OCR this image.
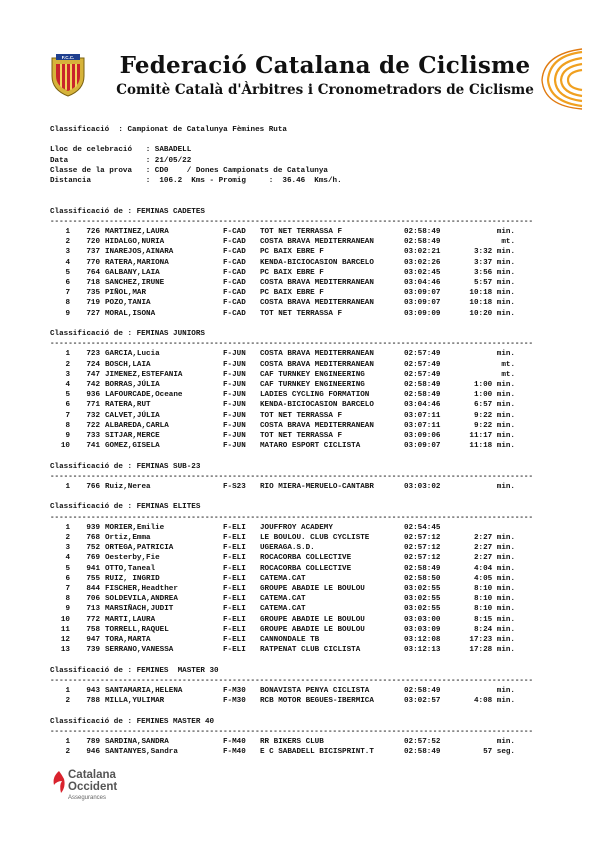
F.C.C.	Federació Catalana de Ciclisme
Comitè Català d'Àrbitres i Cronometradors de Ciclisme
Classificació  : Campionat de Catalunya Fèmines Ruta
Lloc de celebració   : SABADELL
Data                 : 21/05/22
Classe de la prova   : CD0    / Dones Campionats de Catalunya
Distancia            :  106.2  Kms - Promig     :  36.46  Kms/h.
Classificació de : FEMINAS CADETES
----------------------------------------------------------------------------------------------------------
1	726 MARTINEZ,LAURA	F-CAD	TOT NET TERRASSA F	02:58:49	min.
2	720 HIDALGO,NURIA	F-CAD	COSTA BRAVA MEDITERRANEAN	02:58:49	mt.
3	737 INAREJOS,AINARA	F-CAD	PC BAIX EBRE F	03:02:21	3:32 min.
4	770 RATERA,MARIONA	F-CAD	KENDA-BICIOCASION BARCELO	03:02:26	3:37 min.
5	764 GALBANY,LAIA	F-CAD	PC BAIX EBRE F	03:02:45	3:56 min.
6	718 SANCHEZ,IRUNE	F-CAD	COSTA BRAVA MEDITERRANEAN	03:04:46	5:57 min.
7	735 PIÑOL,MAR	F-CAD	PC BAIX EBRE F	03:09:07	10:18 min.
8	719 POZO,TANIA	F-CAD	COSTA BRAVA MEDITERRANEAN	03:09:07	10:18 min.
9	727 MORAL,ISONA	F-CAD	TOT NET TERRASSA F	03:09:09	10:20 min.
Classificació de : FEMINAS JUNIORS
----------------------------------------------------------------------------------------------------------
1	723 GARCIA,Lucia	F-JUN	COSTA BRAVA MEDITERRANEAN	02:57:49	min.
2	724 BOSCH,LAIA	F-JUN	COSTA BRAVA MEDITERRANEAN	02:57:49	mt.
3	747 JIMENEZ,ESTEFANIA	F-JUN	CAF TURNKEY ENGINEERING	02:57:49	mt.
4	742 BORRAS,JÚLIA	F-JUN	CAF TURNKEY ENGINEERING	02:58:49	1:00 min.
5	936 LAFOURCADE,Oceane	F-JUN	LADIES CYCLING FORMATION	02:58:49	1:00 min.
6	771 RATERA,RUT	F-JUN	KENDA-BICIOCASION BARCELO	03:04:46	6:57 min.
7	732 CALVET,JÚLIA	F-JUN	TOT NET TERRASSA F	03:07:11	9:22 min.
8	722 ALBAREDA,CARLA	F-JUN	COSTA BRAVA MEDITERRANEAN	03:07:11	9:22 min.
9	733 SITJAR,MERCE	F-JUN	TOT NET TERRASSA F	03:09:06	11:17 min.
10	741 GOMEZ,GISELA	F-JUN	MATARO ESPORT CICLISTA	03:09:07	11:18 min.
Classificació de : FEMINAS SUB-23
----------------------------------------------------------------------------------------------------------
1	766 Ruiz,Nerea	F-S23	RIO MIERA-MERUELO-CANTABR	03:03:02	min.
Classificació de : FEMINAS ELITES
----------------------------------------------------------------------------------------------------------
1	939 MORIER,Emilie	F-ELI	JOUFFROY ACADEMY	02:54:45
2	768 Ortiz,Emma	F-ELI	LE BOULOU. CLUB CYCLISTE	02:57:12	2:27 min.
3	752 ORTEGA,PATRICIA	F-ELI	UGERAGA.S.D.	02:57:12	2:27 min.
4	769 Oesterby,Fie	F-ELI	ROCACORBA COLLECTIVE	02:57:12	2:27 min.
5	941 OTTO,Taneal	F-ELI	ROCACORBA COLLECTIVE	02:58:49	4:04 min.
6	755 RUIZ, INGRID	F-ELI	CATEMA.CAT	02:58:50	4:05 min.
7	844 FISCHER,Headther	F-ELI	GROUPE ABADIE LE BOULOU	03:02:55	8:10 min.
8	706 SOLDEVILA,ANDREA	F-ELI	CATEMA.CAT	03:02:55	8:10 min.
9	713 MARSIÑACH,JUDIT	F-ELI	CATEMA.CAT	03:02:55	8:10 min.
10	772 MARTI,LAURA	F-ELI	GROUPE ABADIE LE BOULOU	03:03:00	8:15 min.
11	758 TORRELL,RAQUEL	F-ELI	GROUPE ABADIE LE BOULOU	03:03:09	8:24 min.
12	947 TORA,MARTA	F-ELI	CANNONDALE TB	03:12:08	17:23 min.
13	739 SERRANO,VANESSA	F-ELI	RATPENAT CLUB CICLISTA	03:12:13	17:28 min.
Classificació de : FEMINES  MASTER 30
----------------------------------------------------------------------------------------------------------
1	943 SANTAMARIA,HELENA	F-M30	BONAVISTA PENYA CICLISTA	02:58:49	min.
2	788 MILLA,YULIMAR	F-M30	RCB MOTOR BEGUES-IBERMICA	03:02:57	4:08 min.
Classificació de : FEMINES MASTER 40
----------------------------------------------------------------------------------------------------------
1	789 SARDINA,SANDRA	F-M40	RR BIKERS CLUB	02:57:52	min.
2	946 SANTANYES,Sandra	F-M40	E C SABADELL BICISPRINT.T	02:58:49	57 seg.
Catalana
Occident
Assegurances
